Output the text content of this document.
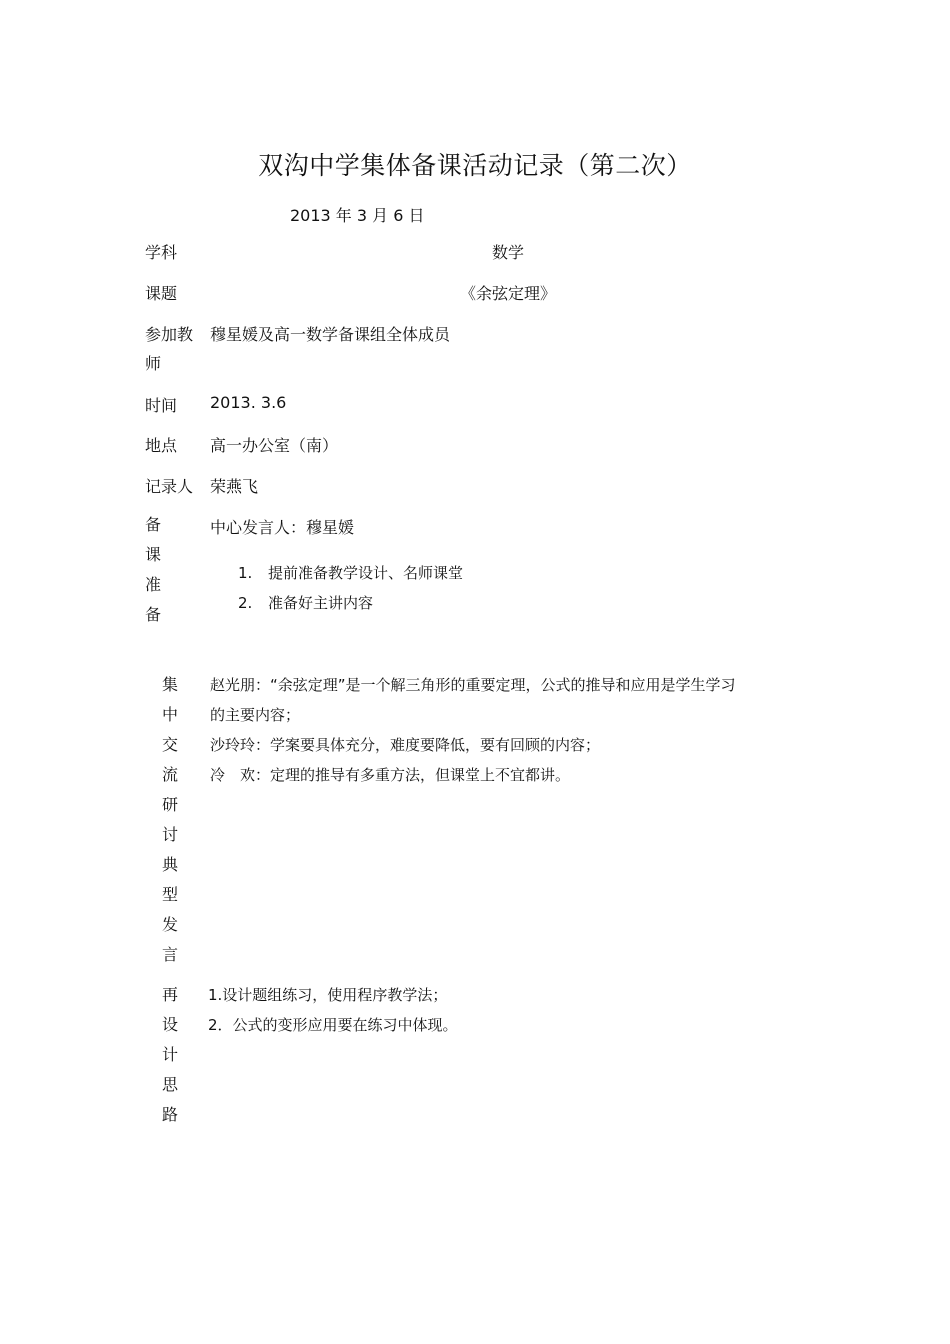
双沟中学集体备课活动记录（第二次）
2013 年 3 月 6 日
学科	数学
课题	《余弦定理》
参加教
师
穆星媛及高一数学备课组全体成员
时间 2013. 3.6
地点 高一办公室（南）
记录人 荣燕飞
备
课
准
备
中心发言人：穆星媛
1. 提前准备教学设计、名师课堂
2. 准备好主讲内容
集
中
交
流
研
讨
典
型
发
言

赵光朋：“余弦定理”是一个解三角形的重要定理，公式的推导和应用是学生学习

的主要内容；

沙玲玲：学案要具体充分，难度要降低，要有回顾的内容；

冷　欢：定理的推导有多重方法，但课堂上不宜都讲。

再
设
计
思
路

1.设计题组练习，使用程序教学法；

2．公式的变形应用要在练习中体现。
